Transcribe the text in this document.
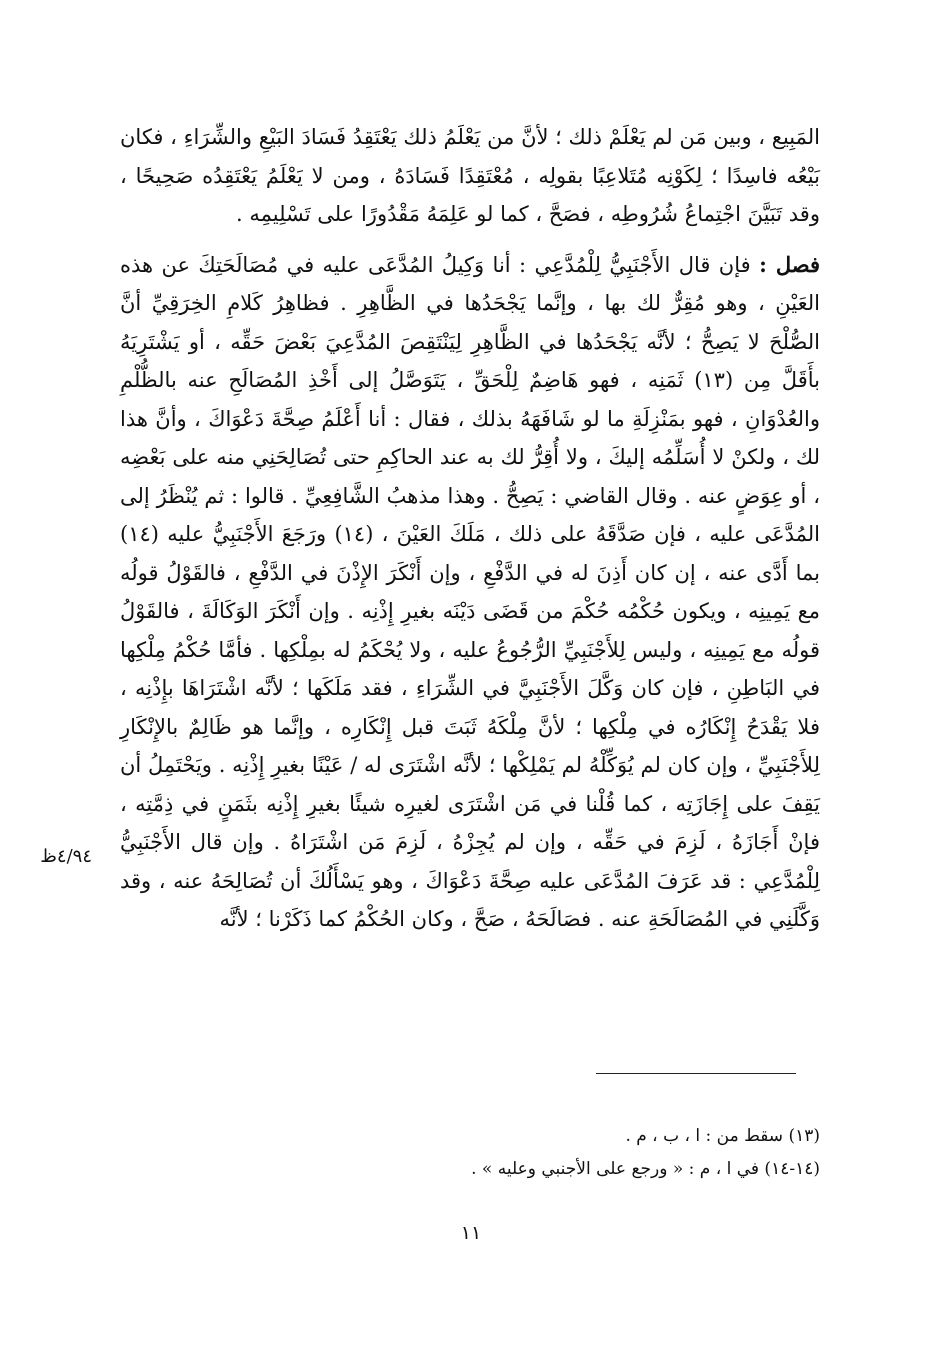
المَبِيع ، وبين مَن لم يَعْلَمْ ذلك ؛ لأنَّ من يَعْلَمُ ذلك يَعْتَقِدُ فَسَادَ البَيْعِ والشِّرَاءِ ، فكان بَيْعُه فاسِدًا ؛ لِكَوْنِه مُتَلاعِبًا بقولِه ، مُعْتَقِدًا فَسَادَهُ ، ومن لا يَعْلَمُ يَعْتَقِدُه صَحِيحًا ، وقد تَبَيَّنَ اجْتِماعُ شُرُوطِه ، فصَحَّ ، كما لو عَلِمَهُ مَقْدُورًا على تَسْلِيمِه .

فصل : فإن قال الأَجْنَبِيُّ لِلْمُدَّعِي : أنا وَكِيلُ المُدَّعَى عليه في مُصَالَحَتِكَ عن هذه العَيْنِ ، وهو مُقِرٌّ لك بها ، وإنَّما يَجْحَدُها في الظَّاهِرِ . فظاهِرُ كَلامِ الخِرَقِيِّ أنَّ الصُّلْحَ لا يَصِحُّ ؛ لأنَّه يَجْحَدُها في الظَّاهِرِ لِيَنْتَقِصَ المُدَّعِيَ بَعْضَ حَقِّه ، أو يَشْتَرِيَهُ بأَقَلَّ مِن (١٣) ثَمَنِه ، فهو هَاضِمٌ لِلْحَقِّ ، يَتَوَصَّلُ إلى أَخْذِ المُصَالَحِ عنه بالظُّلْمِ والعُدْوَانِ ، فهو بمَنْزِلَةِ ما لو شَافَهَهُ بذلك ، فقال : أنا أَعْلَمُ صِحَّةَ دَعْوَاكَ ، وأنَّ هذا لك ، ولكنْ لا أُسَلِّمُه إليكَ ، ولا أُقِرُّ لك به عند الحاكِمِ حتى تُصَالِحَنِي منه على بَعْضِه ، أو عِوَضٍ عنه . وقال القاضي : يَصِحُّ . وهذا مذهبُ الشَّافِعِيِّ . قالوا : ثم يُنْظَرُ إلى المُدَّعَى عليه ، فإن صَدَّقَهُ على ذلك ، مَلَكَ العَيْنَ ، (١٤) ورَجَعَ الأَجْنَبِيُّ عليه (١٤) بما أَدَّى عنه ، إن كان أَذِنَ له في الدَّفْعِ ، وإن أَنْكَرَ الإِذْنَ في الدَّفْعِ ، فالقَوْلُ قولُه مع يَمِينِه ، ويكون حُكْمُه حُكْمَ من قَضَى دَيْنَه بغيرِ إِذْنِه . وإن أَنْكَرَ الوَكَالَةَ ، فالقَوْلُ قولُه مع يَمِينِه ، وليس لِلأَجْنَبِيِّ الرُّجُوعُ عليه ، ولا يُحْكَمُ له بمِلْكِها . فأمَّا حُكْمُ مِلْكِها في البَاطِنِ ، فإن كان وَكَّلَ الأَجْنَبِيَّ في الشِّرَاءِ ، فقد مَلَكَها ؛ لأنَّه اشْتَرَاهَا بإِذْنِه ، فلا يَقْدَحُ إِنْكَارُه في مِلْكِها ؛ لأنَّ مِلْكَهُ ثَبَتَ قبل إِنْكَارِه ، وإنَّما هو ظَالِمٌ بالإِنْكَارِ لِلأَجْنَبِيِّ ، وإن كان لم يُوَكِّلْهُ لم يَمْلِكْها ؛ لأنَّه اشْتَرَى له / عَيْنًا بغيرِ إِذْنِه . ويَحْتَمِلُ أن يَقِفَ على إِجَازَتِه ، كما قُلْنا في مَن اشْتَرَى لغيرِه شيئًا بغيرِ إِذْنِه بثَمَنٍ في ذِمَّتِه ، فإنْ أَجَازَهُ ، لَزِمَ في حَقِّه ، وإن لم يُجِزْهُ ، لَزِمَ مَن اشْتَرَاهُ . وإن قال الأَجْنَبِيُّ لِلْمُدَّعِي : قد عَرَفَ المُدَّعَى عليه صِحَّةَ دَعْوَاكَ ، وهو يَسْأَلُكَ أن تُصَالِحَهُ عنه ، وقد وَكَّلَنِي في المُصَالَحَةِ عنه . فصَالَحَهُ ، صَحَّ ، وكان الحُكْمُ كما ذَكَرْنا ؛ لأنَّه

٤/٩٤ظ

(١٣) سقط من : ا ، ب ، م .

(١٤-١٤) في ا ، م : « ورجع على الأجنبي وعليه » .

١١
